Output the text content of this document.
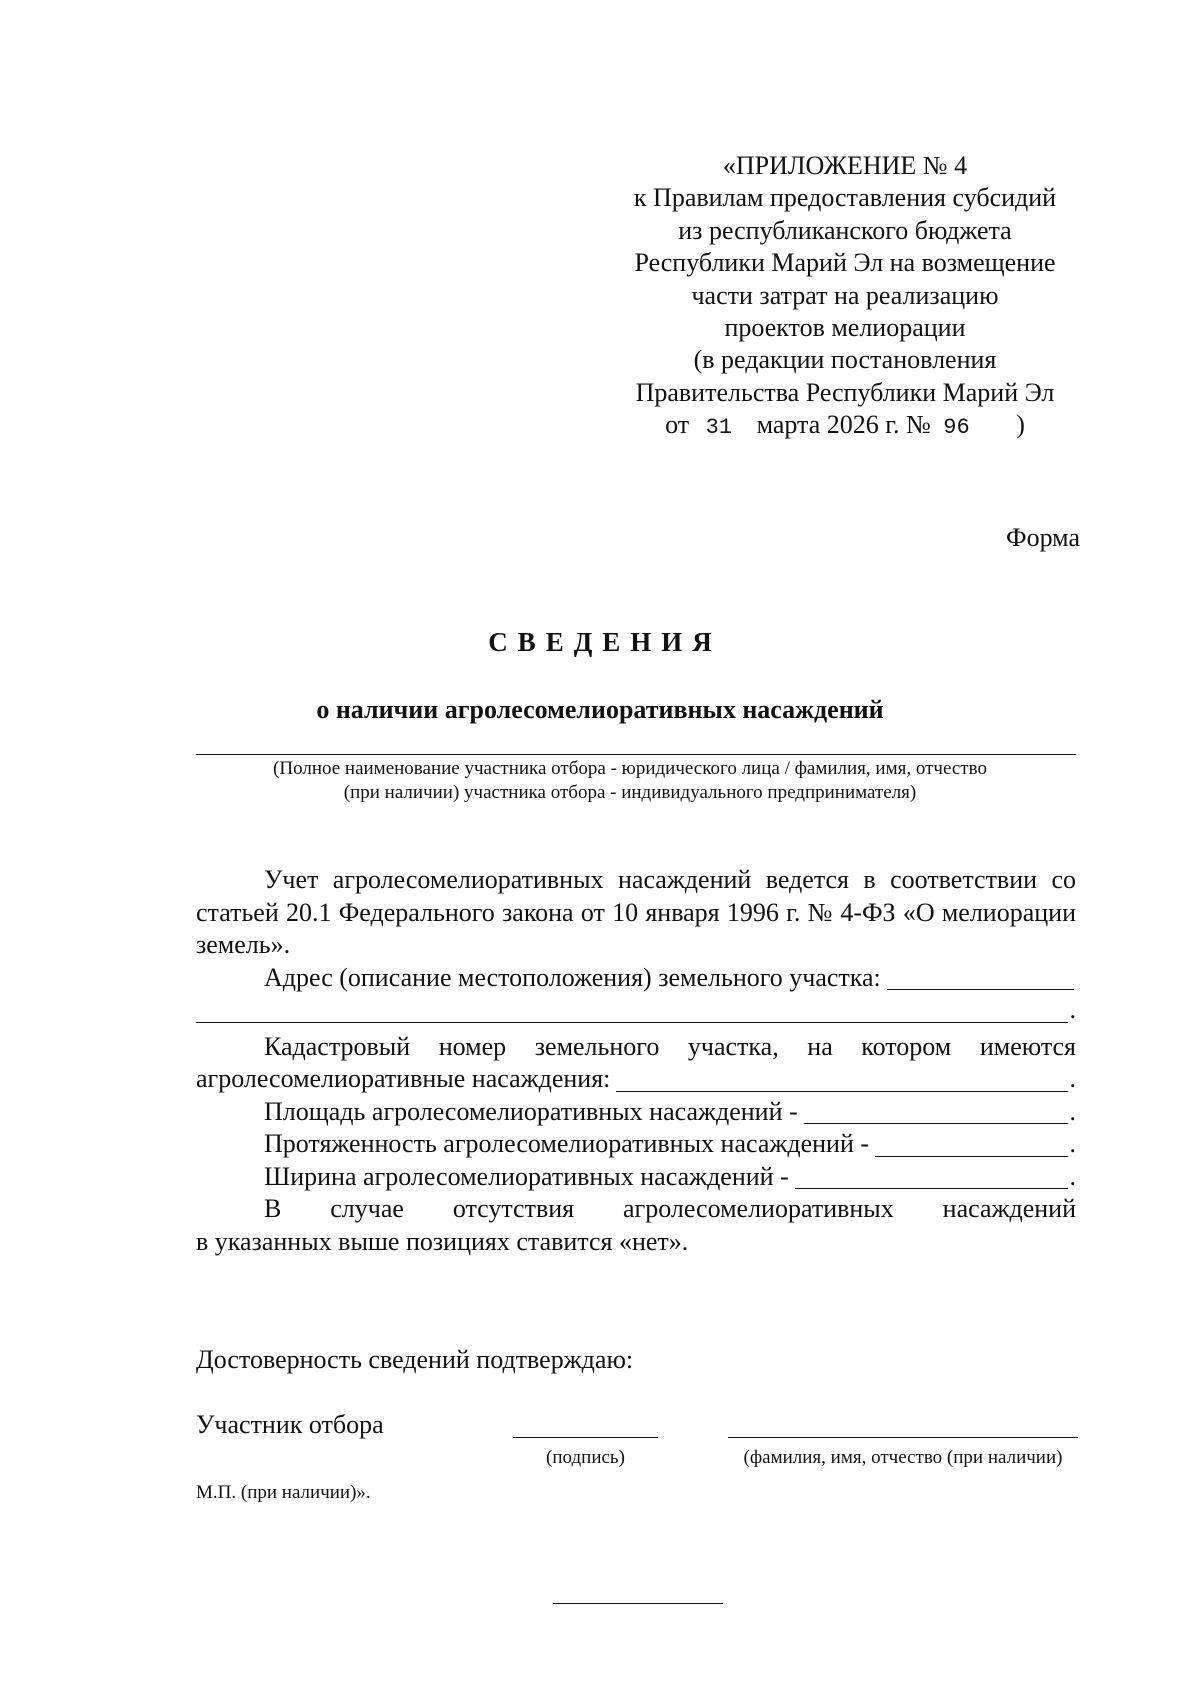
«ПРИЛОЖЕНИЕ № 4
к Правилам предоставления субсидий
из республиканского бюджета
Республики Марий Эл на возмещение
части затрат на реализацию
проектов мелиорации
(в редакции постановления
Правительства Республики Марий Эл
от 31 марта 2026 г. № 96 )
Форма
СВЕДЕНИЯ
о наличии агролесомелиоративных насаждений
(Полное наименование участника отбора - юридического лица / фамилия, имя, отчество
(при наличии) участника отбора - индивидуального предпринимателя)
Учет агролесомелиоративных насаждений ведется в соответствии со статьей 20.1 Федерального закона от 10 января 1996 г. № 4-ФЗ «О мелиорации земель».
Адрес (описание местоположения) земельного участка:
.
Кадастровый номер земельного участка, на котором имеются
агролесомелиоративные насаждения:	.
Площадь агролесомелиоративных насаждений -	.
Протяженность агролесомелиоративных насаждений -	.
Ширина агролесомелиоративных насаждений -	.
В случае отсутствия агролесомелиоративных насаждений
в указанных выше позициях ставится «нет».
Достоверность сведений подтверждаю:
Участник отбора
(подпись)	(фамилия, имя, отчество (при наличии)
М.П. (при наличии)».
